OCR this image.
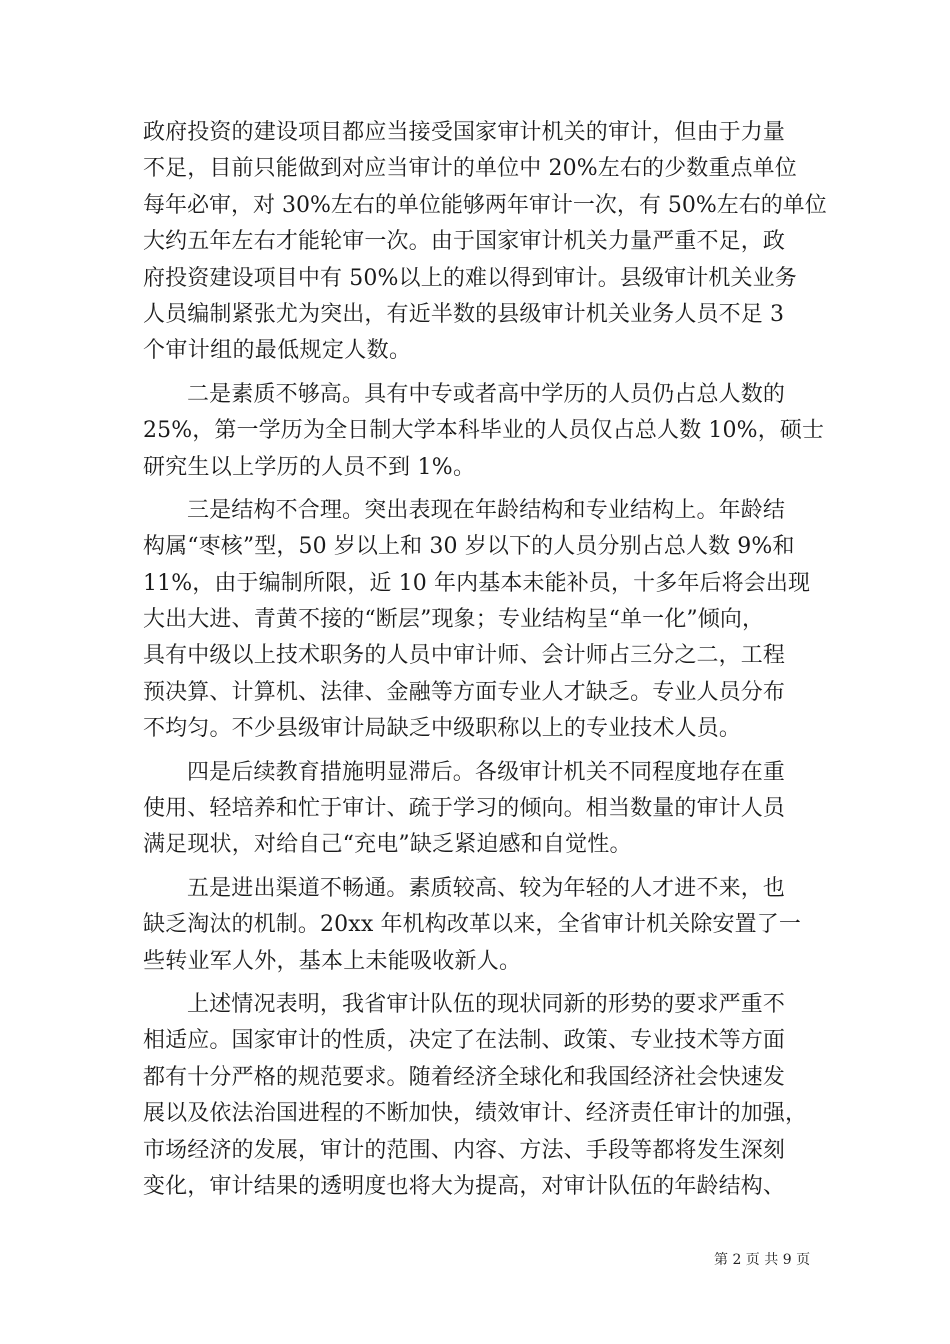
政府投资的建设项目都应当接受国家审计机关的审计，但由于力量
不足，目前只能做到对应当审计的单位中 20%左右的少数重点单位
每年必审，对 30%左右的单位能够两年审计一次，有 50%左右的单位
大约五年左右才能轮审一次。由于国家审计机关力量严重不足，政
府投资建设项目中有 50%以上的难以得到审计。县级审计机关业务
人员编制紧张尤为突出，有近半数的县级审计机关业务人员不足 3
个审计组的最低规定人数。
二是素质不够高。具有中专或者高中学历的人员仍占总人数的
25%，第一学历为全日制大学本科毕业的人员仅占总人数 10%，硕士
研究生以上学历的人员不到 1%。
三是结构不合理。突出表现在年龄结构和专业结构上。年龄结
构属“枣核”型，50 岁以上和 30 岁以下的人员分别占总人数 9%和
11%，由于编制所限，近 10 年内基本未能补员，十多年后将会出现
大出大进、青黄不接的“断层”现象；专业结构呈“单一化”倾向，
具有中级以上技术职务的人员中审计师、会计师占三分之二，工程
预决算、计算机、法律、金融等方面专业人才缺乏。专业人员分布
不均匀。不少县级审计局缺乏中级职称以上的专业技术人员。
四是后续教育措施明显滞后。各级审计机关不同程度地存在重
使用、轻培养和忙于审计、疏于学习的倾向。相当数量的审计人员
满足现状，对给自己“充电”缺乏紧迫感和自觉性。
五是进出渠道不畅通。素质较高、较为年轻的人才进不来，也
缺乏淘汰的机制。20xx 年机构改革以来，全省审计机关除安置了一
些转业军人外，基本上未能吸收新人。
上述情况表明，我省审计队伍的现状同新的形势的要求严重不
相适应。国家审计的性质，决定了在法制、政策、专业技术等方面
都有十分严格的规范要求。随着经济全球化和我国经济社会快速发
展以及依法治国进程的不断加快，绩效审计、经济责任审计的加强，
市场经济的发展，审计的范围、内容、方法、手段等都将发生深刻
变化，审计结果的透明度也将大为提高，对审计队伍的年龄结构、
第 2 页 共 9 页
